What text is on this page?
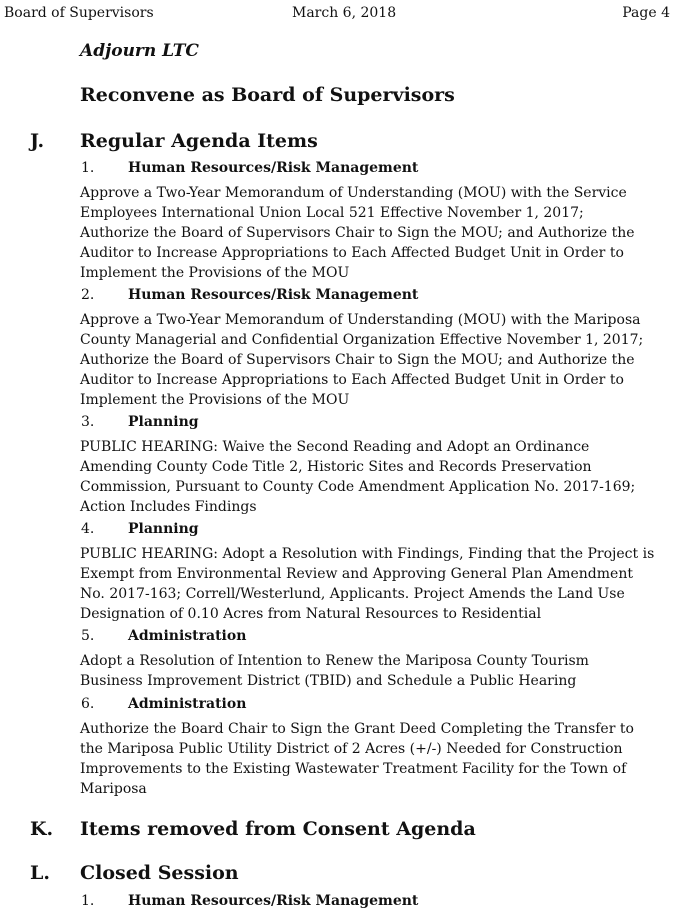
Board of Supervisors	March 6, 2018	Page 4
Adjourn LTC
Reconvene as Board of Supervisors
J. Regular Agenda Items
1. Human Resources/Risk Management
Approve a Two-Year Memorandum of Understanding (MOU) with the Service
Employees International Union Local 521 Effective November 1, 2017;
Authorize the Board of Supervisors Chair to Sign the MOU; and Authorize the
Auditor to Increase Appropriations to Each Affected Budget Unit in Order to
Implement the Provisions of the MOU
2. Human Resources/Risk Management
Approve a Two-Year Memorandum of Understanding (MOU) with the Mariposa
County Managerial and Confidential Organization Effective November 1, 2017;
Authorize the Board of Supervisors Chair to Sign the MOU; and Authorize the
Auditor to Increase Appropriations to Each Affected Budget Unit in Order to
Implement the Provisions of the MOU
3. Planning
PUBLIC HEARING: Waive the Second Reading and Adopt an Ordinance
Amending County Code Title 2, Historic Sites and Records Preservation
Commission, Pursuant to County Code Amendment Application No. 2017-169;
Action Includes Findings
4. Planning
PUBLIC HEARING: Adopt a Resolution with Findings, Finding that the Project is
Exempt from Environmental Review and Approving General Plan Amendment
No. 2017-163; Correll/Westerlund, Applicants. Project Amends the Land Use
Designation of 0.10 Acres from Natural Resources to Residential
5. Administration
Adopt a Resolution of Intention to Renew the Mariposa County Tourism
Business Improvement District (TBID) and Schedule a Public Hearing
6. Administration
Authorize the Board Chair to Sign the Grant Deed Completing the Transfer to
the Mariposa Public Utility District of 2 Acres (+/-) Needed for Construction
Improvements to the Existing Wastewater Treatment Facility for the Town of
Mariposa
K. Items removed from Consent Agenda
L. Closed Session
1. Human Resources/Risk Management
